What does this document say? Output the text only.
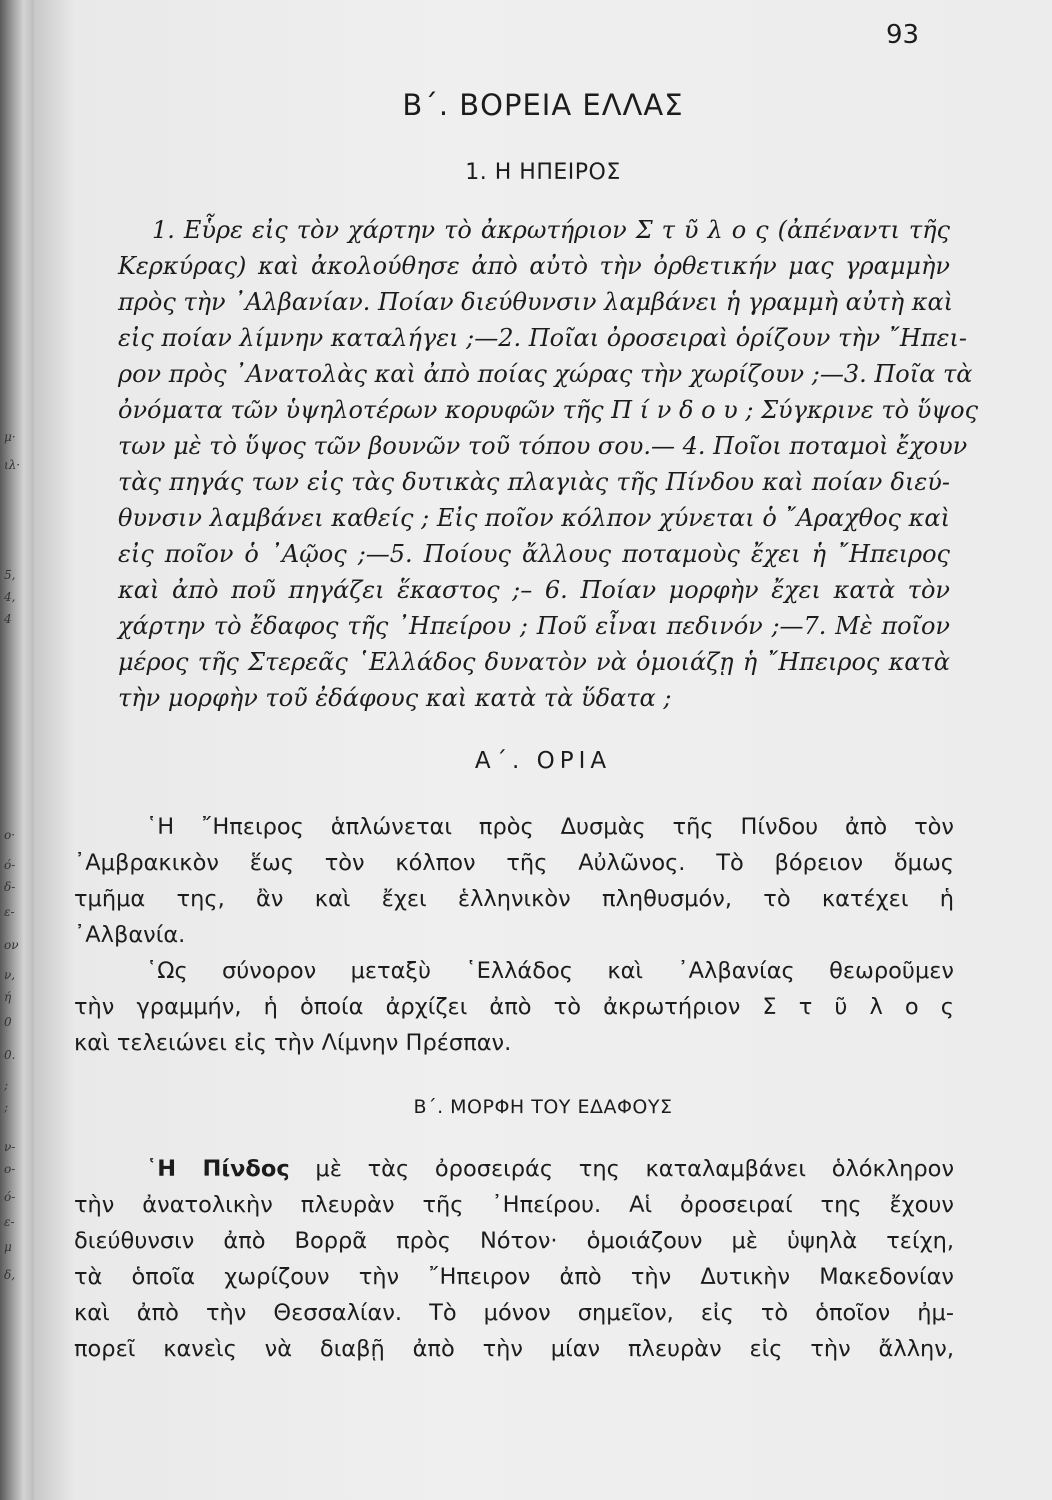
μ·
ιλ·
5,
4,
4
ο·
ό-
δ-
ε-
ον
ν,
ή
0
0.
;
;
ν-
ο-
ό-
ε-
μ
δ,
93
Β΄. ΒΟΡΕΙΑ ΕΛΛΑΣ
1. Η ΗΠΕΙΡΟΣ
1. Εὗρε εἰς τὸν χάρτην τὸ ἀκρωτήριον Σ τ ῦ λ ο ς (ἀπέναντι τῆς
Κερκύρας) καὶ ἀκολούθησε ἀπὸ αὐτὸ τὴν ὀρθετικήν μας γραμμὴν
πρὸς τὴν ᾽Αλβανίαν. Ποίαν διεύθυνσιν λαμβάνει ἡ γραμμὴ αὐτὴ καὶ
εἰς ποίαν λίμνην καταλήγει ;—2. Ποῖαι ὀροσειραὶ ὁρίζουν τὴν ῎Ηπει-
ρον πρὸς ᾽Ανατολὰς καὶ ἀπὸ ποίας χώρας τὴν χωρίζουν ;—3. Ποῖα τὰ
ὀνόματα τῶν ὑψηλοτέρων κορυφῶν τῆς Π ί ν δ ο υ ; Σύγκρινε τὸ ὕψος
των μὲ τὸ ὕψος τῶν βουνῶν τοῦ τόπου σου.— 4. Ποῖοι ποταμοὶ ἔχουν
τὰς πηγάς των εἰς τὰς δυτικὰς πλαγιὰς τῆς Πίνδου καὶ ποίαν διεύ-
θυνσιν λαμβάνει καθείς ; Εἰς ποῖον κόλπον χύνεται ὁ ῎Αραχθος καὶ
εἰς ποῖον ὁ ᾽Αῷος ;—5. Ποίους ἄλλους ποταμοὺς ἔχει ἡ ῎Ηπειρος
καὶ ἀπὸ ποῦ πηγάζει ἕκαστος ;– 6. Ποίαν μορφὴν ἔχει κατὰ τὸν
χάρτην τὸ ἔδαφος τῆς ᾽Ηπείρου ; Ποῦ εἶναι πεδινόν ;—7. Μὲ ποῖον
μέρος τῆς Στερεᾶς ῾Ελλάδος δυνατὸν νὰ ὁμοιάζῃ ἡ ῎Ηπειρος κατὰ
τὴν μορφὴν τοῦ ἐδάφους καὶ κατὰ τὰ ὕδατα ;
Α΄. ΟΡΙΑ
῾Η ῎Ηπειρος ἁπλώνεται πρὸς Δυσμὰς τῆς Πίνδου ἀπὸ τὸν
᾽Αμβρακικὸν ἕως τὸν κόλπον τῆς Αὐλῶνος. Τὸ βόρειον ὅμως
τμῆμα της, ἂν καὶ ἔχει ἑλληνικὸν πληθυσμόν, τὸ κατέχει ἡ
᾽Αλβανία.
῾Ως σύνορον μεταξὺ ῾Ελλάδος καὶ ᾽Αλβανίας θεωροῦμεν
τὴν γραμμήν, ἡ ὁποία ἀρχίζει ἀπὸ τὸ ἀκρωτήριον Σ τ ῦ λ ο ς
καὶ τελειώνει εἰς τὴν Λίμνην Πρέσπαν.
Β΄. ΜΟΡΦΗ ΤΟΥ ΕΔΑΦΟΥΣ
῾Η Πίνδος μὲ τὰς ὀροσειράς της καταλαμβάνει ὁλόκληρον
τὴν ἀνατολικὴν πλευρὰν τῆς ᾽Ηπείρου. Αἱ ὀροσειραί της ἔχουν
διεύθυνσιν ἀπὸ Βορρᾶ πρὸς Νότον· ὁμοιάζουν μὲ ὑψηλὰ τείχη,
τὰ ὁποῖα χωρίζουν τὴν ῎Ηπειρον ἀπὸ τὴν Δυτικὴν Μακεδονίαν
καὶ ἀπὸ τὴν Θεσσαλίαν. Τὸ μόνον σημεῖον, εἰς τὸ ὁποῖον ἠμ-
πορεῖ κανεὶς νὰ διαβῇ ἀπὸ τὴν μίαν πλευρὰν εἰς τὴν ἄλλην,
